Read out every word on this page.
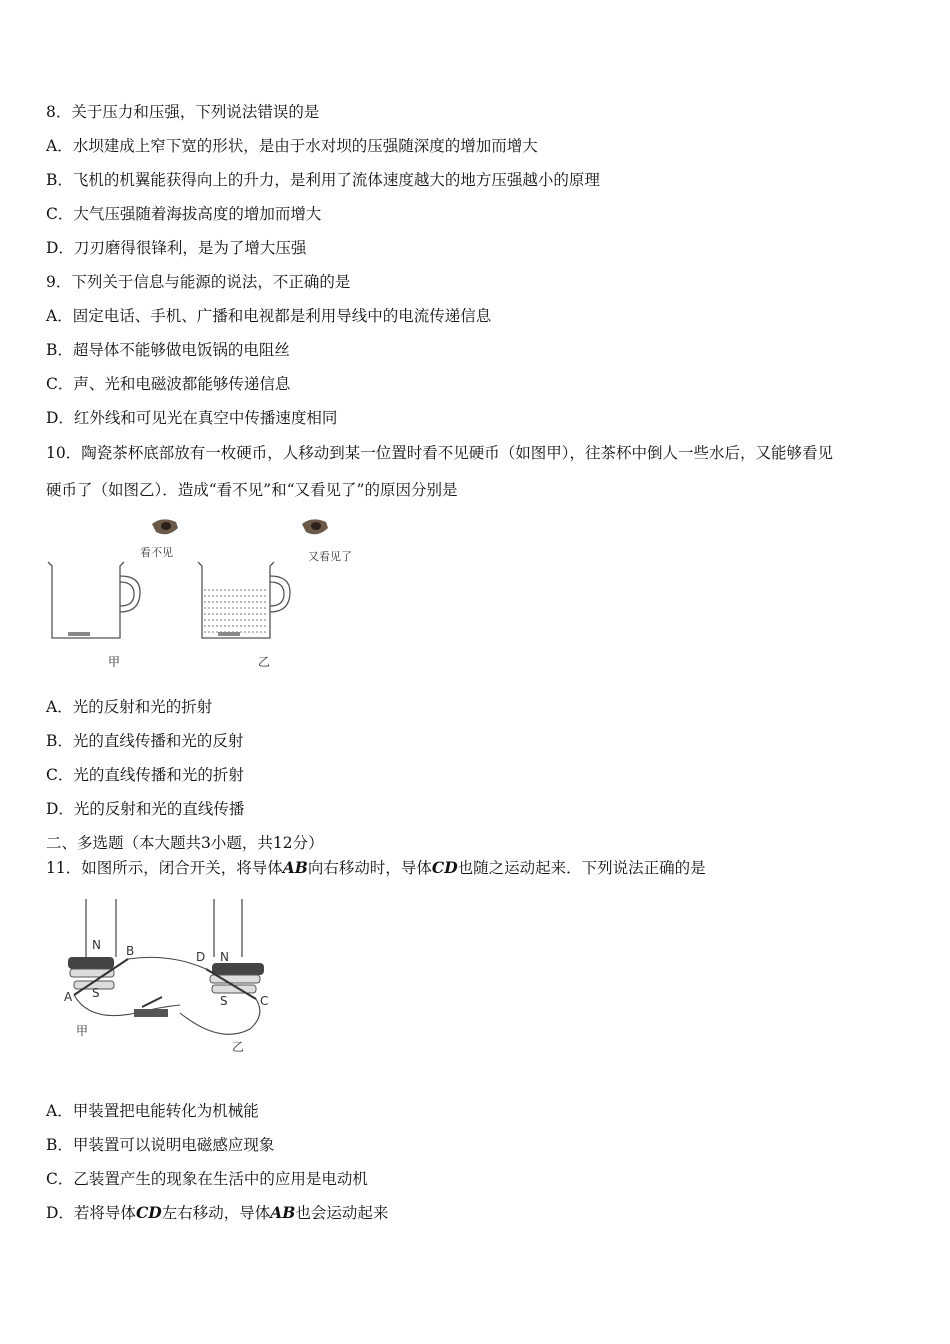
8．关于压力和压强，下列说法错误的是
A．水坝建成上窄下宽的形状，是由于水对坝的压强随深度的增加而增大
B．飞机的机翼能获得向上的升力，是利用了流体速度越大的地方压强越小的原理
C．大气压强随着海拔高度的增加而增大
D．刀刃磨得很锋利，是为了增大压强
9．下列关于信息与能源的说法，不正确的是
A．固定电话、手机、广播和电视都是利用导线中的电流传递信息
B．超导体不能够做电饭锅的电阻丝
C．声、光和电磁波都能够传递信息
D．红外线和可见光在真空中传播速度相同
10．陶瓷茶杯底部放有一枚硬币，人移动到某一位置时看不见硬币（如图甲），往茶杯中倒人一些水后，又能够看见
硬币了（如图乙）．造成“看不见”和“又看见了”的原因分别是
看不见
甲
又看见了
乙
A．光的反射和光的折射
B．光的直线传播和光的反射
C．光的直线传播和光的折射
D．光的反射和光的直线传播
二、多选题（本大题共3小题，共12分）
11．如图所示，闭合开关，将导体AB向右移动时，导体CD也随之运动起来．下列说法正确的是
N
S
B
A
D N
S	C
甲
乙
A．甲装置把电能转化为机械能
B．甲装置可以说明电磁感应现象
C．乙装置产生的现象在生活中的应用是电动机
D．若将导体CD左右移动，导体AB也会运动起来
